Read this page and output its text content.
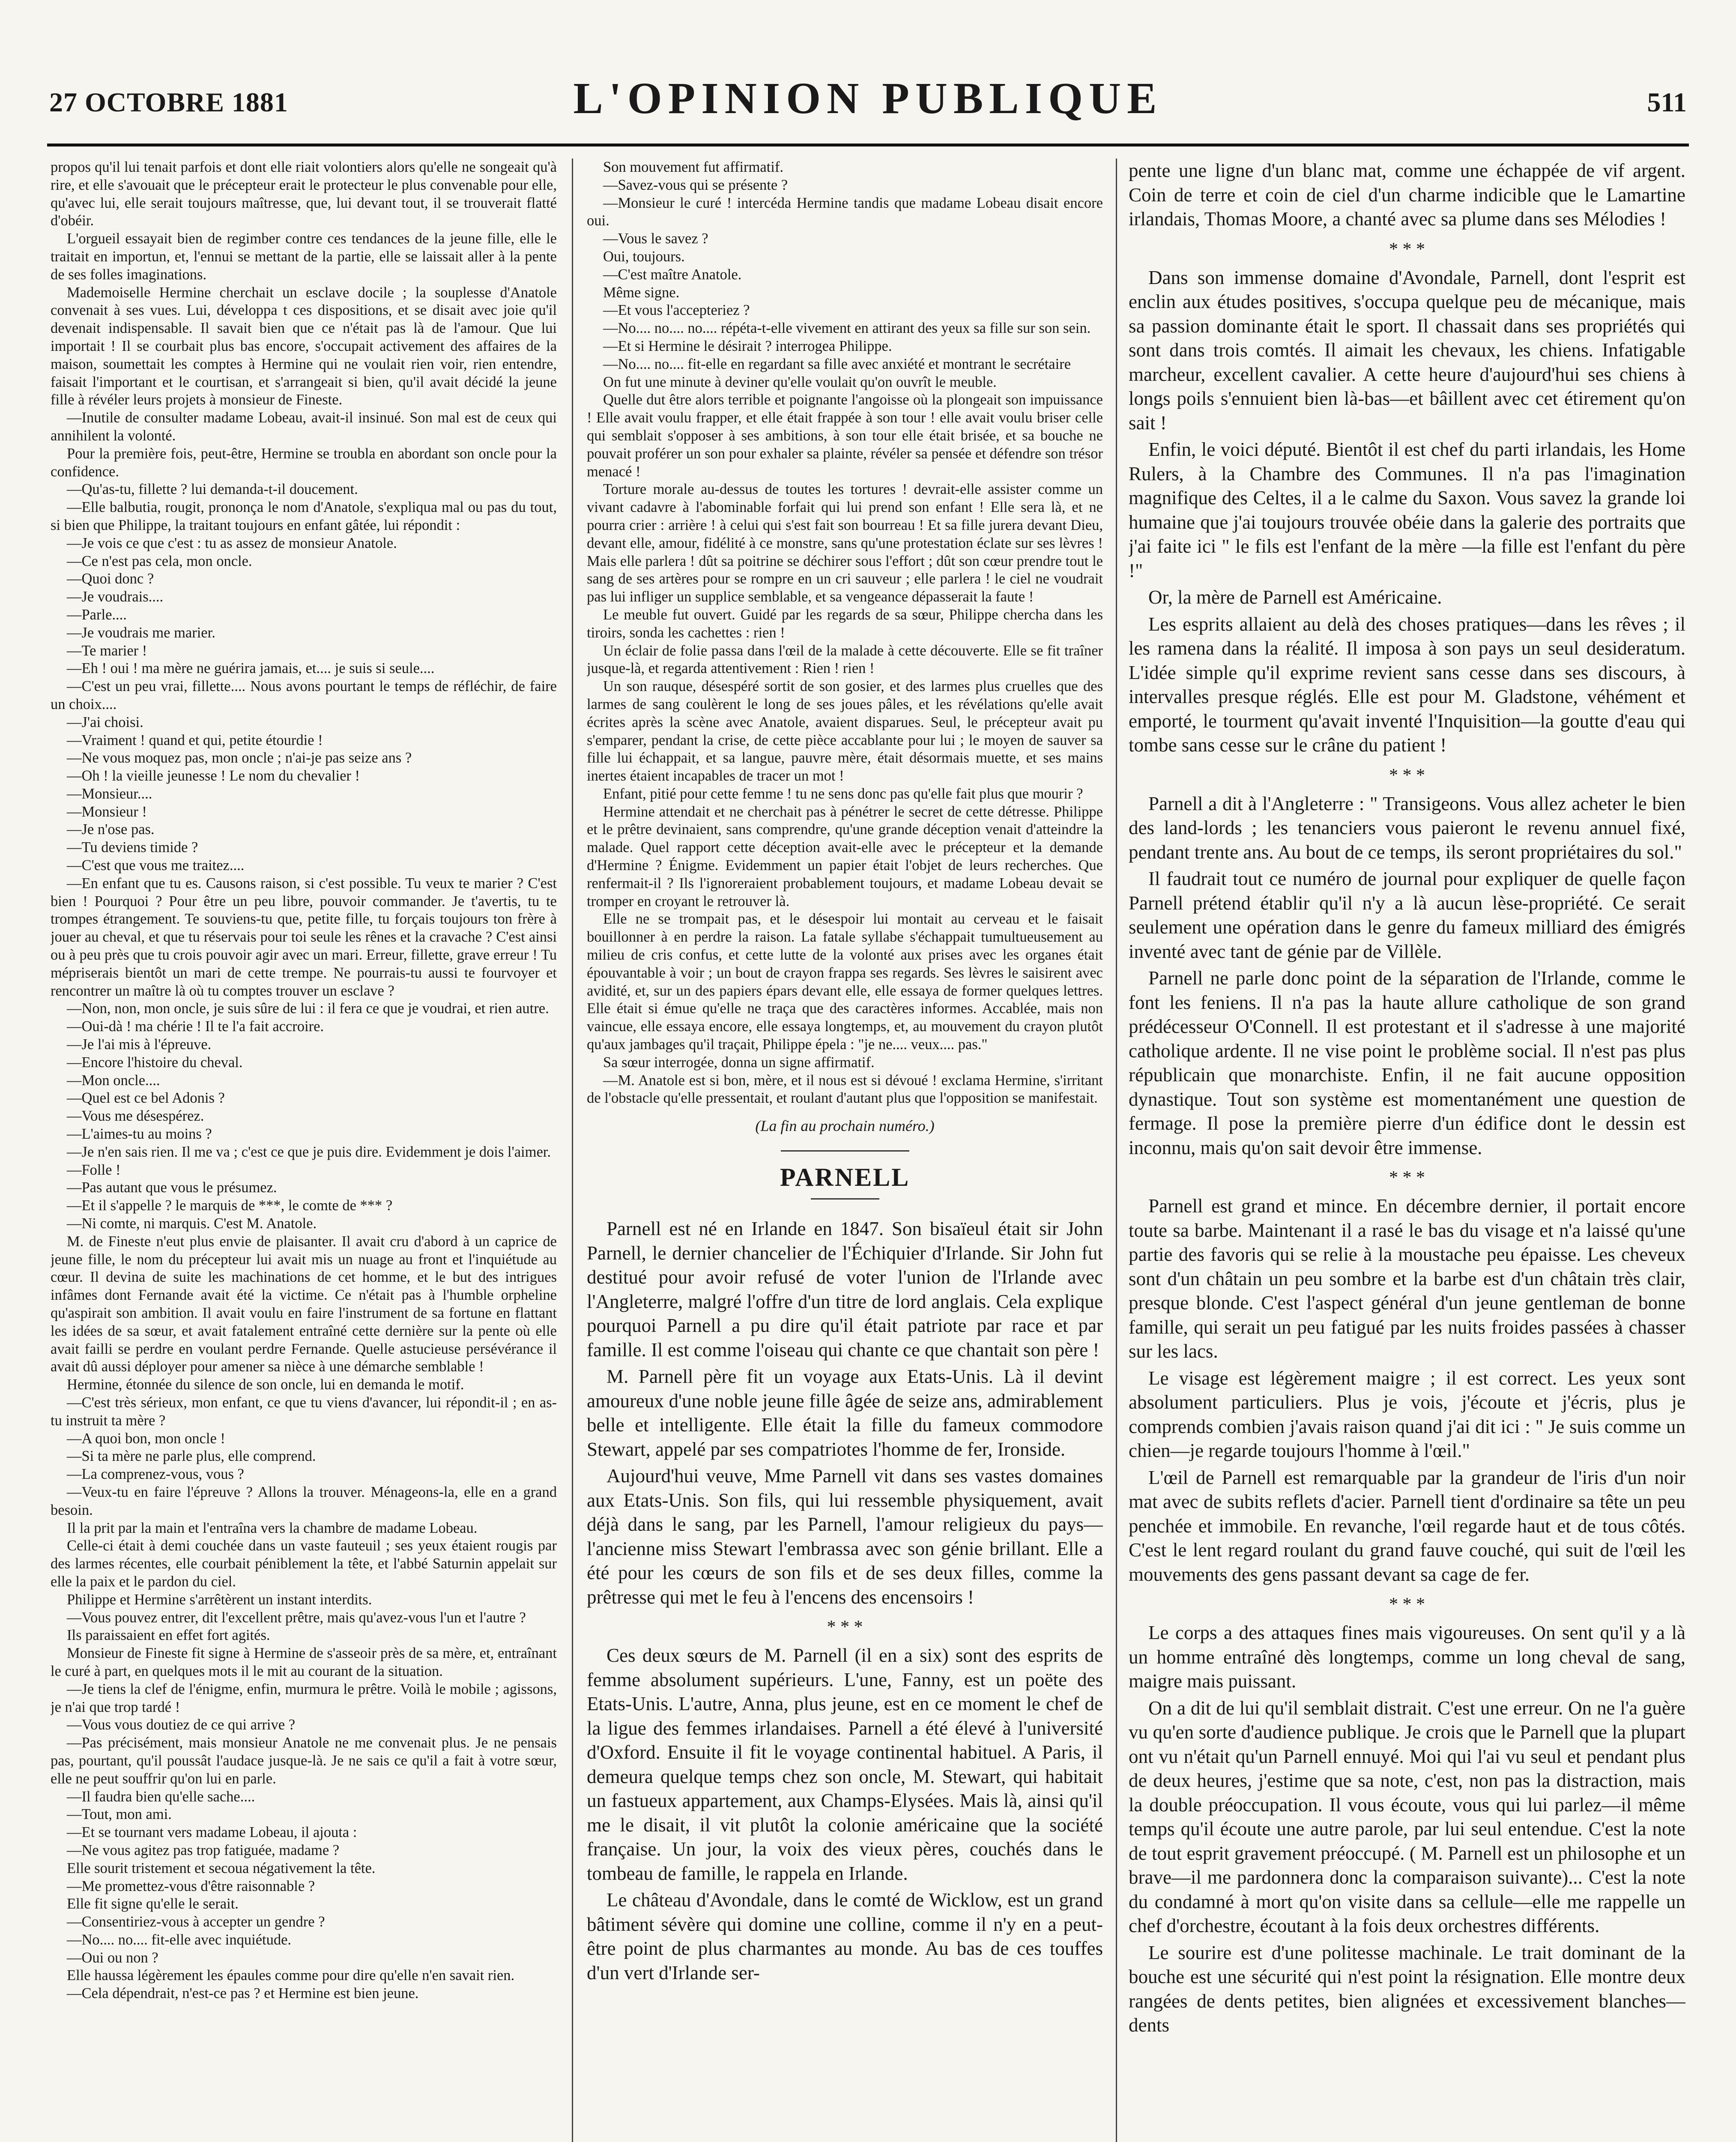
27 OCTOBRE 1881	L'OPINION PUBLIQUE	511

propos qu'il lui tenait parfois et dont elle riait volontiers alors qu'elle ne songeait qu'à rire, et elle s'avouait que le précepteur erait le protecteur le plus convenable pour elle, qu'avec lui, elle serait toujours maîtresse, que, lui devant tout, il se trouverait flatté d'obéir.

L'orgueil essayait bien de regimber contre ces tendances de la jeune fille, elle le traitait en importun, et, l'ennui se mettant de la partie, elle se laissait aller à la pente de ses folles imaginations.

Mademoiselle Hermine cherchait un esclave docile ; la souplesse d'Anatole convenait à ses vues. Lui, développa t ces dispositions, et se disait avec joie qu'il devenait indispensable. Il savait bien que ce n'était pas là de l'amour. Que lui importait ! Il se courbait plus bas encore, s'occupait activement des affaires de la maison, soumettait les comptes à Hermine qui ne voulait rien voir, rien entendre, faisait l'important et le courtisan, et s'arrangeait si bien, qu'il avait décidé la jeune fille à révéler leurs projets à monsieur de Fineste.

—Inutile de consulter madame Lobeau, avait-il insinué. Son mal est de ceux qui annihilent la volonté.

Pour la première fois, peut-être, Hermine se troubla en abordant son oncle pour la confidence.

—Qu'as-tu, fillette ? lui demanda-t-il doucement.

—Elle balbutia, rougit, prononça le nom d'Anatole, s'expliqua mal ou pas du tout, si bien que Philippe, la traitant toujours en enfant gâtée, lui répondit :

—Je vois ce que c'est : tu as assez de monsieur Anatole.

—Ce n'est pas cela, mon oncle.

—Quoi donc ?

—Je voudrais....

—Parle....

—Je voudrais me marier.

—Te marier !

—Eh ! oui ! ma mère ne guérira jamais, et.... je suis si seule....

—C'est un peu vrai, fillette.... Nous avons pourtant le temps de réfléchir, de faire un choix....

—J'ai choisi.

—Vraiment ! quand et qui, petite étourdie !

—Ne vous moquez pas, mon oncle ; n'ai-je pas seize ans ?

—Oh ! la vieille jeunesse ! Le nom du chevalier !

—Monsieur....

—Monsieur !

—Je n'ose pas.

—Tu deviens timide ?

—C'est que vous me traitez....

—En enfant que tu es. Causons raison, si c'est possible. Tu veux te marier ? C'est bien ! Pourquoi ? Pour être un peu libre, pouvoir commander. Je t'avertis, tu te trompes étrangement. Te souviens-tu que, petite fille, tu forçais toujours ton frère à jouer au cheval, et que tu réservais pour toi seule les rênes et la cravache ? C'est ainsi ou à peu près que tu crois pouvoir agir avec un mari. Erreur, fillette, grave erreur ! Tu mépriserais bientôt un mari de cette trempe. Ne pourrais-tu aussi te fourvoyer et rencontrer un maître là où tu comptes trouver un esclave ?

—Non, non, mon oncle, je suis sûre de lui : il fera ce que je voudrai, et rien autre.

—Oui-dà ! ma chérie ! Il te l'a fait accroire.

—Je l'ai mis à l'épreuve.

—Encore l'histoire du cheval.

—Mon oncle....

—Quel est ce bel Adonis ?

—Vous me désespérez.

—L'aimes-tu au moins ?

—Je n'en sais rien. Il me va ; c'est ce que je puis dire. Evidemment je dois l'aimer.

—Folle !

—Pas autant que vous le présumez.

—Et il s'appelle ? le marquis de ***, le comte de *** ?

—Ni comte, ni marquis. C'est M. Anatole.

M. de Fineste n'eut plus envie de plaisanter. Il avait cru d'abord à un caprice de jeune fille, le nom du précepteur lui avait mis un nuage au front et l'inquiétude au cœur. Il devina de suite les machinations de cet homme, et le but des intrigues infâmes dont Fernande avait été la victime. Ce n'était pas à l'humble orpheline qu'aspirait son ambition. Il avait voulu en faire l'instrument de sa fortune en flattant les idées de sa sœur, et avait fatalement entraîné cette dernière sur la pente où elle avait failli se perdre en voulant perdre Fernande. Quelle astucieuse persévérance il avait dû aussi déployer pour amener sa nièce à une démarche semblable !

Hermine, étonnée du silence de son oncle, lui en demanda le motif.

—C'est très sérieux, mon enfant, ce que tu viens d'avancer, lui répondit-il ; en as-tu instruit ta mère ?

—A quoi bon, mon oncle !

—Si ta mère ne parle plus, elle comprend.

—La comprenez-vous, vous ?

—Veux-tu en faire l'épreuve ? Allons la trouver. Ménageons-la, elle en a grand besoin.

Il la prit par la main et l'entraîna vers la chambre de madame Lobeau.

Celle-ci était à demi couchée dans un vaste fauteuil ; ses yeux étaient rougis par des larmes récentes, elle courbait péniblement la tête, et l'abbé Saturnin appelait sur elle la paix et le pardon du ciel.

Philippe et Hermine s'arrêtèrent un instant interdits.

—Vous pouvez entrer, dit l'excellent prêtre, mais qu'avez-vous l'un et l'autre ?

Ils paraissaient en effet fort agités.

Monsieur de Fineste fit signe à Hermine de s'asseoir près de sa mère, et, entraînant le curé à part, en quelques mots il le mit au courant de la situation.

—Je tiens la clef de l'énigme, enfin, murmura le prêtre. Voilà le mobile ; agissons, je n'ai que trop tardé !

—Vous vous doutiez de ce qui arrive ?

—Pas précisément, mais monsieur Anatole ne me convenait plus. Je ne pensais pas, pourtant, qu'il poussât l'audace jusque-là. Je ne sais ce qu'il a fait à votre sœur, elle ne peut souffrir qu'on lui en parle.

—Il faudra bien qu'elle sache....

—Tout, mon ami.

—Et se tournant vers madame Lobeau, il ajouta :

—Ne vous agitez pas trop fatiguée, madame ?

Elle sourit tristement et secoua négativement la tête.

—Me promettez-vous d'être raisonnable ?

Elle fit signe qu'elle le serait.

—Consentiriez-vous à accepter un gendre ?

—No.... no.... fit-elle avec inquiétude.

—Oui ou non ?

Elle haussa légèrement les épaules comme pour dire qu'elle n'en savait rien.

—Cela dépendrait, n'est-ce pas ? et Hermine est bien jeune.

Son mouvement fut affirmatif.

—Savez-vous qui se présente ?

—Monsieur le curé ! intercéda Hermine tandis que madame Lobeau disait encore oui.

—Vous le savez ?

Oui, toujours.

—C'est maître Anatole.

Même signe.

—Et vous l'accepteriez ?

—No.... no.... no.... répéta-t-elle vivement en attirant des yeux sa fille sur son sein.

—Et si Hermine le désirait ? interrogea Philippe.

—No.... no.... fit-elle en regardant sa fille avec anxiété et montrant le secrétaire

On fut une minute à deviner qu'elle voulait qu'on ouvrît le meuble.

Quelle dut être alors terrible et poignante l'angoisse où la plongeait son impuissance ! Elle avait voulu frapper, et elle était frappée à son tour ! elle avait voulu briser celle qui semblait s'opposer à ses ambitions, à son tour elle était brisée, et sa bouche ne pouvait proférer un son pour exhaler sa plainte, révéler sa pensée et défendre son trésor menacé !

Torture morale au-dessus de toutes les tortures ! devrait-elle assister comme un vivant cadavre à l'abominable forfait qui lui prend son enfant ! Elle sera là, et ne pourra crier : arrière ! à celui qui s'est fait son bourreau ! Et sa fille jurera devant Dieu, devant elle, amour, fidélité à ce monstre, sans qu'une protestation éclate sur ses lèvres ! Mais elle parlera ! dût sa poitrine se déchirer sous l'effort ; dût son cœur prendre tout le sang de ses artères pour se rompre en un cri sauveur ; elle parlera ! le ciel ne voudrait pas lui infliger un supplice semblable, et sa vengeance dépasserait la faute !

Le meuble fut ouvert. Guidé par les regards de sa sœur, Philippe chercha dans les tiroirs, sonda les cachettes : rien !

Un éclair de folie passa dans l'œil de la malade à cette découverte. Elle se fit traîner jusque-là, et regarda attentivement : Rien ! rien !

Un son rauque, désespéré sortit de son gosier, et des larmes plus cruelles que des larmes de sang coulèrent le long de ses joues pâles, et les révélations qu'elle avait écrites après la scène avec Anatole, avaient disparues. Seul, le précepteur avait pu s'emparer, pendant la crise, de cette pièce accablante pour lui ; le moyen de sauver sa fille lui échappait, et sa langue, pauvre mère, était désormais muette, et ses mains inertes étaient incapables de tracer un mot !

Enfant, pitié pour cette femme ! tu ne sens donc pas qu'elle fait plus que mourir ?

Hermine attendait et ne cherchait pas à pénétrer le secret de cette détresse. Philippe et le prêtre devinaient, sans comprendre, qu'une grande déception venait d'atteindre la malade. Quel rapport cette déception avait-elle avec le précepteur et la demande d'Hermine ? Énigme. Evidemment un papier était l'objet de leurs recherches. Que renfermait-il ? Ils l'ignoreraient probablement toujours, et madame Lobeau devait se tromper en croyant le retrouver là.

Elle ne se trompait pas, et le désespoir lui montait au cerveau et le faisait bouillonner à en perdre la raison. La fatale syllabe s'échappait tumultueusement au milieu de cris confus, et cette lutte de la volonté aux prises avec les organes était épouvantable à voir ; un bout de crayon frappa ses regards. Ses lèvres le saisirent avec avidité, et, sur un des papiers épars devant elle, elle essaya de former quelques lettres. Elle était si émue qu'elle ne traça que des caractères informes. Accablée, mais non vaincue, elle essaya encore, elle essaya longtemps, et, au mouvement du crayon plutôt qu'aux jambages qu'il traçait, Philippe épela : "je ne.... veux.... pas."

Sa sœur interrogée, donna un signe affirmatif.

—M. Anatole est si bon, mère, et il nous est si dévoué ! exclama Hermine, s'irritant de l'obstacle qu'elle pressentait, et roulant d'autant plus que l'opposition se manifestait.

(La fin au prochain numéro.)
PARNELL

Parnell est né en Irlande en 1847. Son bisaïeul était sir John Parnell, le dernier chancelier de l'Échiquier d'Irlande. Sir John fut destitué pour avoir refusé de voter l'union de l'Irlande avec l'Angleterre, malgré l'offre d'un titre de lord anglais. Cela explique pourquoi Parnell a pu dire qu'il était patriote par race et par famille. Il est comme l'oiseau qui chante ce que chantait son père !

M. Parnell père fit un voyage aux Etats-Unis. Là il devint amoureux d'une noble jeune fille âgée de seize ans, admirablement belle et intelligente. Elle était la fille du fameux commodore Stewart, appelé par ses compatriotes l'homme de fer, Ironside.

Aujourd'hui veuve, Mme Parnell vit dans ses vastes domaines aux Etats-Unis. Son fils, qui lui ressemble physiquement, avait déjà dans le sang, par les Parnell, l'amour religieux du pays—l'ancienne miss Stewart l'embrassa avec son génie brillant. Elle a été pour les cœurs de son fils et de ses deux filles, comme la prêtresse qui met le feu à l'encens des encensoirs !

* * *

Ces deux sœurs de M. Parnell (il en a six) sont des esprits de femme absolument supérieurs. L'une, Fanny, est un poëte des Etats-Unis. L'autre, Anna, plus jeune, est en ce moment le chef de la ligue des femmes irlandaises. Parnell a été élevé à l'université d'Oxford. Ensuite il fit le voyage continental habituel. A Paris, il demeura quelque temps chez son oncle, M. Stewart, qui habitait un fastueux appartement, aux Champs-Elysées. Mais là, ainsi qu'il me le disait, il vit plutôt la colonie américaine que la société française. Un jour, la voix des vieux pères, couchés dans le tombeau de famille, le rappela en Irlande.

Le château d'Avondale, dans le comté de Wicklow, est un grand bâtiment sévère qui domine une colline, comme il n'y en a peut-être point de plus charmantes au monde. Au bas de ces touffes d'un vert d'Irlande ser-

pente une ligne d'un blanc mat, comme une échappée de vif argent. Coin de terre et coin de ciel d'un charme indicible que le Lamartine irlandais, Thomas Moore, a chanté avec sa plume dans ses Mélodies !

* * *

Dans son immense domaine d'Avondale, Parnell, dont l'esprit est enclin aux études positives, s'occupa quelque peu de mécanique, mais sa passion dominante était le sport. Il chassait dans ses propriétés qui sont dans trois comtés. Il aimait les chevaux, les chiens. Infatigable marcheur, excellent cavalier. A cette heure d'aujourd'hui ses chiens à longs poils s'ennuient bien là-bas—et bâillent avec cet étirement qu'on sait !

Enfin, le voici député. Bientôt il est chef du parti irlandais, les Home Rulers, à la Chambre des Communes. Il n'a pas l'imagination magnifique des Celtes, il a le calme du Saxon. Vous savez la grande loi humaine que j'ai toujours trouvée obéie dans la galerie des portraits que j'ai faite ici " le fils est l'enfant de la mère —la fille est l'enfant du père !"

Or, la mère de Parnell est Américaine.

Les esprits allaient au delà des choses pratiques—dans les rêves ; il les ramena dans la réalité. Il imposa à son pays un seul desideratum. L'idée simple qu'il exprime revient sans cesse dans ses discours, à intervalles presque réglés. Elle est pour M. Gladstone, véhément et emporté, le tourment qu'avait inventé l'Inquisition—la goutte d'eau qui tombe sans cesse sur le crâne du patient !

* * *

Parnell a dit à l'Angleterre : " Transigeons. Vous allez acheter le bien des land-lords ; les tenanciers vous paieront le revenu annuel fixé, pendant trente ans. Au bout de ce temps, ils seront propriétaires du sol."

Il faudrait tout ce numéro de journal pour expliquer de quelle façon Parnell prétend établir qu'il n'y a là aucun lèse-propriété. Ce serait seulement une opération dans le genre du fameux milliard des émigrés inventé avec tant de génie par de Villèle.

Parnell ne parle donc point de la séparation de l'Irlande, comme le font les feniens. Il n'a pas la haute allure catholique de son grand prédécesseur O'Connell. Il est protestant et il s'adresse à une majorité catholique ardente. Il ne vise point le problème social. Il n'est pas plus républicain que monarchiste. Enfin, il ne fait aucune opposition dynastique. Tout son système est momentanément une question de fermage. Il pose la première pierre d'un édifice dont le dessin est inconnu, mais qu'on sait devoir être immense.

* * *

Parnell est grand et mince. En décembre dernier, il portait encore toute sa barbe. Maintenant il a rasé le bas du visage et n'a laissé qu'une partie des favoris qui se relie à la moustache peu épaisse. Les cheveux sont d'un châtain un peu sombre et la barbe est d'un châtain très clair, presque blonde. C'est l'aspect général d'un jeune gentleman de bonne famille, qui serait un peu fatigué par les nuits froides passées à chasser sur les lacs.

Le visage est légèrement maigre ; il est correct. Les yeux sont absolument particuliers. Plus je vois, j'écoute et j'écris, plus je comprends combien j'avais raison quand j'ai dit ici : " Je suis comme un chien—je regarde toujours l'homme à l'œil."

L'œil de Parnell est remarquable par la grandeur de l'iris d'un noir mat avec de subits reflets d'acier. Parnell tient d'ordinaire sa tête un peu penchée et immobile. En revanche, l'œil regarde haut et de tous côtés. C'est le lent regard roulant du grand fauve couché, qui suit de l'œil les mouvements des gens passant devant sa cage de fer.

* * *

Le corps a des attaques fines mais vigoureuses. On sent qu'il y a là un homme entraîné dès longtemps, comme un long cheval de sang, maigre mais puissant.

On a dit de lui qu'il semblait distrait. C'est une erreur. On ne l'a guère vu qu'en sorte d'audience publique. Je crois que le Parnell que la plupart ont vu n'était qu'un Parnell ennuyé. Moi qui l'ai vu seul et pendant plus de deux heures, j'estime que sa note, c'est, non pas la distraction, mais la double préoccupation. Il vous écoute, vous qui lui parlez—il même temps qu'il écoute une autre parole, par lui seul entendue. C'est la note de tout esprit gravement préoccupé. ( M. Parnell est un philosophe et un brave—il me pardonnera donc la comparaison suivante)... C'est la note du condamné à mort qu'on visite dans sa cellule—elle me rappelle un chef d'orchestre, écoutant à la fois deux orchestres différents.

Le sourire est d'une politesse machinale. Le trait dominant de la bouche est une sécurité qui n'est point la résignation. Elle montre deux rangées de dents petites, bien alignées et excessivement blanches—dents
